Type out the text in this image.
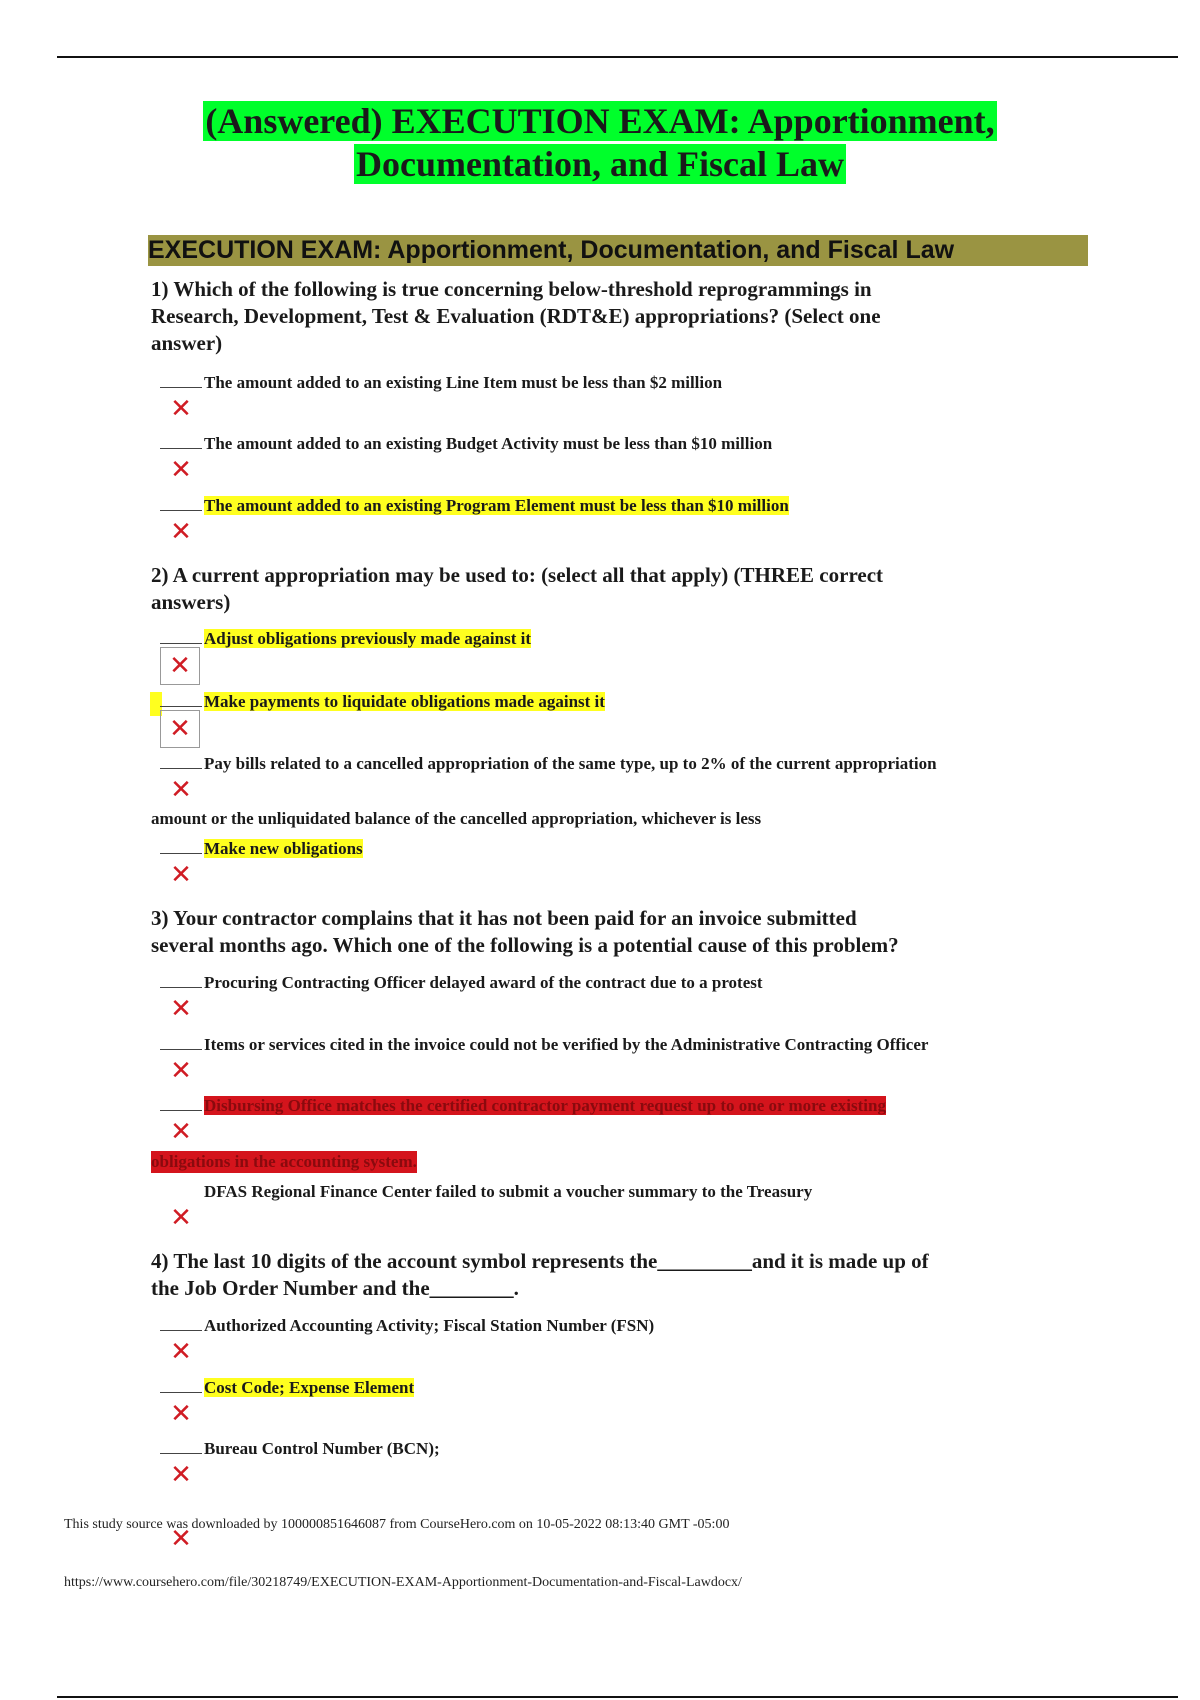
(Answered) EXECUTION EXAM: Apportionment,
Documentation, and Fiscal Law
EXECUTION EXAM: Apportionment, Documentation, and Fiscal Law
1) Which of the following is true concerning below-threshold reprogrammings in
Research, Development, Test & Evaluation (RDT&E) appropriations? (Select one
answer)
The amount added to an existing Line Item must be less than $2 million
✕
The amount added to an existing Budget Activity must be less than $10 million
✕
The amount added to an existing Program Element must be less than $10 million
✕
2) A current appropriation may be used to: (select all that apply) (THREE correct
answers)
Adjust obligations previously made against it
✕
Make payments to liquidate obligations made against it
✕
Pay bills related to a cancelled appropriation of the same type, up to 2% of the current appropriation
✕
amount or the unliquidated balance of the cancelled appropriation, whichever is less
Make new obligations
✕
3) Your contractor complains that it has not been paid for an invoice submitted
several months ago. Which one of the following is a potential cause of this problem?
Procuring Contracting Officer delayed award of the contract due to a protest
✕
Items or services cited in the invoice could not be verified by the Administrative Contracting Officer
✕
Disbursing Office matches the certified contractor payment request up to one or more existing
✕
obligations in the accounting system.
DFAS Regional Finance Center failed to submit a voucher summary to the Treasury
✕
4) The last 10 digits of the account symbol represents the_________and it is made up of
the Job Order Number and the________.
Authorized Accounting Activity; Fiscal Station Number (FSN)
✕
Cost Code; Expense Element
✕
Bureau Control Number (BCN);
✕
This study source was downloaded by 100000851646087 from CourseHero.com on 10-05-2022 08:13:40 GMT -05:00
✕
https://www.coursehero.com/file/30218749/EXECUTION-EXAM-Apportionment-Documentation-and-Fiscal-Lawdocx/
